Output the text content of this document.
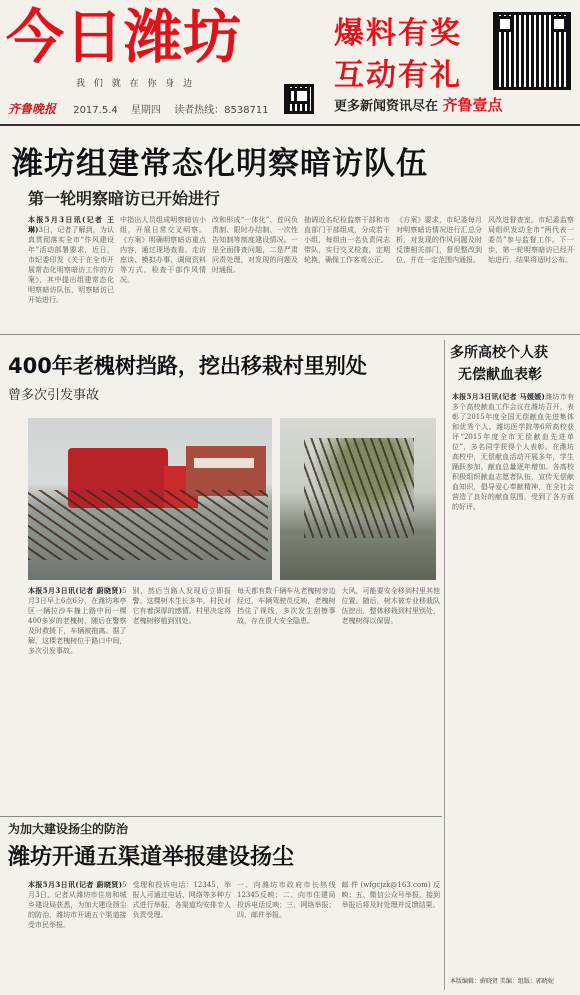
今日潍坊
我 们 就 在 你 身 边
齐鲁晚报 2017.5.4 星期四 读者热线：8538711
爆料有奖
互动有礼
更多新闻资讯尽在 齐鲁壹点
潍坊组建常态化明察暗访队伍
第一轮明察暗访已开始进行
本报5月3日讯(记者 王琳)3日，记者了解到，为认真贯彻落实全市“作风建设年”活动部署要求，近日，市纪委印发《关于在全市开展常态化明察暗访工作的方案》，其中提出组建常态化明察暗访队伍，明察暗访已开始进行。
中指出人员组成明察暗访小组，开展日常交叉明察。《方案》明确明察暗访重点内容，通过现场查看、走访座谈、模拟办事、调阅资料等方式，检查干部作风情况。
改和形成“一体化”、首问负责制、限时办结制、一次性告知制等制度建设情况。一是全面排查问题，二是严肃问责处理，对发现的问题及时通报。
抽调近名纪检监察干部和市直部门干部组成，分成若干小组，每组由一名负责同志带队，实行交叉检查，定期轮换，确保工作客观公正。
《方案》要求，市纪委每月对明察暗访情况进行汇总分析，对发现的作风问题及时反馈相关部门，督促整改到位，并在一定范围内通报。
风改进督查室。市纪委监察局组织发动全市“两代表一委员”参与监督工作。下一步，第一轮明察暗访已经开始进行，结果将适时公布。
400年老槐树挡路，挖出移栽村里别处
曾多次引发事故
本报5月3日讯(记者 蔚晓贤)5月3日早上6点6分，在潍坊寒亭区一辆拉沙车撞上路中间一棵400多岁的老槐树，随后在警察及时救援下，车辆被拖离。据了解，这棵老槐树位于路口中间，多次引发事故。
别，然后当路人发现后立即报警。这棵树木生长多年，村民对它有着深厚的感情。村里决定将老槐树移植到别处。
每天都有数千辆车从老槐树旁边经过，车辆驾驶员反映，老槐树挡住了视线，多次发生刮擦事故，存在很大安全隐患。
大风，可能要安全移到村里其他位置。随后，树木被专业移栽队伍挖出，整体移栽到村里别处，老槐树得以保留。
多所高校个人获
无偿献血表彰
本报5月3日讯(记者 马媛媛)潍坊市有多个高校献血工作会议在潍坊召开，表彰了2015年度全国无偿献血先进集体和优秀个人。潍坊医学院等6所高校获评“2015年度全市无偿献血先进单位”，多名同学获得个人表彰。在潍坊高校中，无偿献血活动开展多年，学生踊跃参加，献血总量逐年增加。各高校积极组织献血志愿者队伍，宣传无偿献血知识，倡导爱心奉献精神，在全社会营造了良好的献血氛围，受到了各方面的好评。
本版编辑：蔚晓贤 美编：组版：郭晓妮
为加大建设扬尘的防治
潍坊开通五渠道举报建设扬尘
本报5月3日讯(记者 蔚晓贤)5月3日，记者从潍坊市住房和城乡建设局获悉，为加大建设扬尘的防治，潍坊市开通五个渠道接受市民举报。
受理和投诉电话：12345，举报人可通过电话、网络等多种方式进行举报，各渠道均安排专人负责受理。
一、向潍坊市政府市长热线12345反映；二、向市住建局投诉电话反映；三、网络举报；四、邮件举报。
邮件(wfgcjzk@163.com)反映；五、微信公众号举报，接到举报后将及时处理并反馈结果。
